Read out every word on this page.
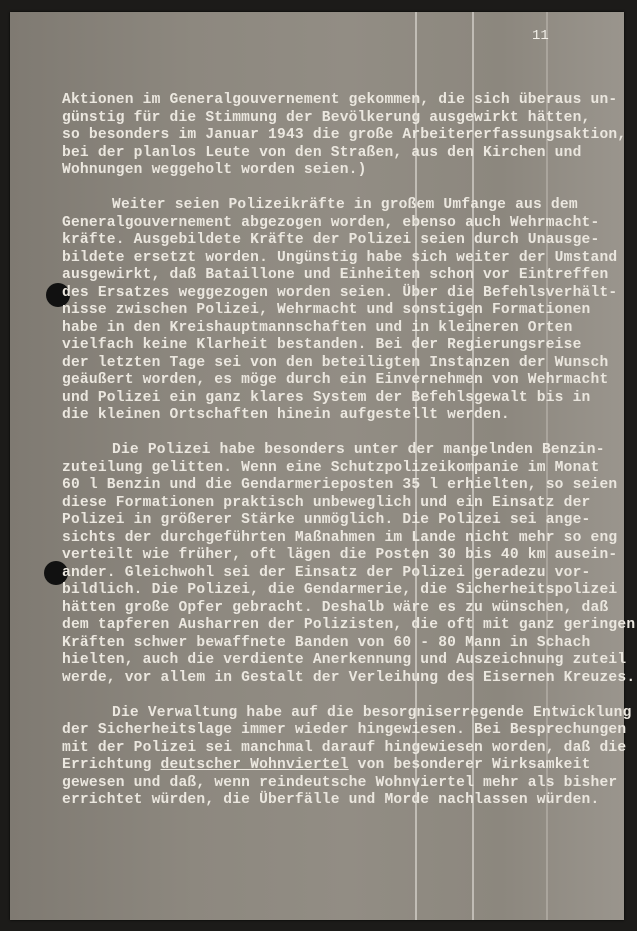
11
Aktionen im Generalgouvernement gekommen, die sich überaus un-
günstig für die Stimmung der Bevölkerung ausgewirkt hätten,
so besonders im Januar 1943 die große Arbeitererfassungsaktion,
bei der planlos Leute von den Straßen, aus den Kirchen und
Wohnungen weggeholt worden seien.)
Weiter seien Polizeikräfte in großem Umfange aus dem
Generalgouvernement abgezogen worden, ebenso auch Wehrmacht-
kräfte. Ausgebildete Kräfte der Polizei seien durch Unausge-
bildete ersetzt worden. Ungünstig habe sich weiter der Umstand
ausgewirkt, daß Bataillone und Einheiten schon vor Eintreffen
des Ersatzes weggezogen worden seien. Über die Befehlsverhält-
nisse zwischen Polizei, Wehrmacht und sonstigen Formationen
habe in den Kreishauptmannschaften und in kleineren Orten
vielfach keine Klarheit bestanden. Bei der Regierungsreise
der letzten Tage sei von den beteiligten Instanzen der Wunsch
geäußert worden, es möge durch ein Einvernehmen von Wehrmacht
und Polizei ein ganz klares System der Befehlsgewalt bis in
die kleinen Ortschaften hinein aufgestellt werden.
Die Polizei habe besonders unter der mangelnden Benzin-
zuteilung gelitten. Wenn eine Schutzpolizeikompanie im Monat
60 l Benzin und die Gendarmerieposten 35 l erhielten, so seien
diese Formationen praktisch unbeweglich und ein Einsatz der
Polizei in größerer Stärke unmöglich. Die Polizei sei ange-
sichts der durchgeführten Maßnahmen im Lande nicht mehr so eng
verteilt wie früher, oft lägen die Posten 30 bis 40 km ausein-
ander. Gleichwohl sei der Einsatz der Polizei geradezu vor-
bildlich. Die Polizei, die Gendarmerie, die Sicherheitspolizei
hätten große Opfer gebracht. Deshalb wäre es zu wünschen, daß
dem tapferen Ausharren der Polizisten, die oft mit ganz geringen
Kräften schwer bewaffnete Banden von 60 - 80 Mann in Schach
hielten, auch die verdiente Anerkennung und Auszeichnung zuteil
werde, vor allem in Gestalt der Verleihung des Eisernen Kreuzes.
Die Verwaltung habe auf die besorgniserregende Entwicklung
der Sicherheitslage immer wieder hingewiesen. Bei Besprechungen
mit der Polizei sei manchmal darauf hingewiesen worden, daß die
Errichtung deutscher Wohnviertel von besonderer Wirksamkeit
gewesen und daß, wenn reindeutsche Wohnviertel mehr als bisher
errichtet würden, die Überfälle und Morde nachlassen würden.
